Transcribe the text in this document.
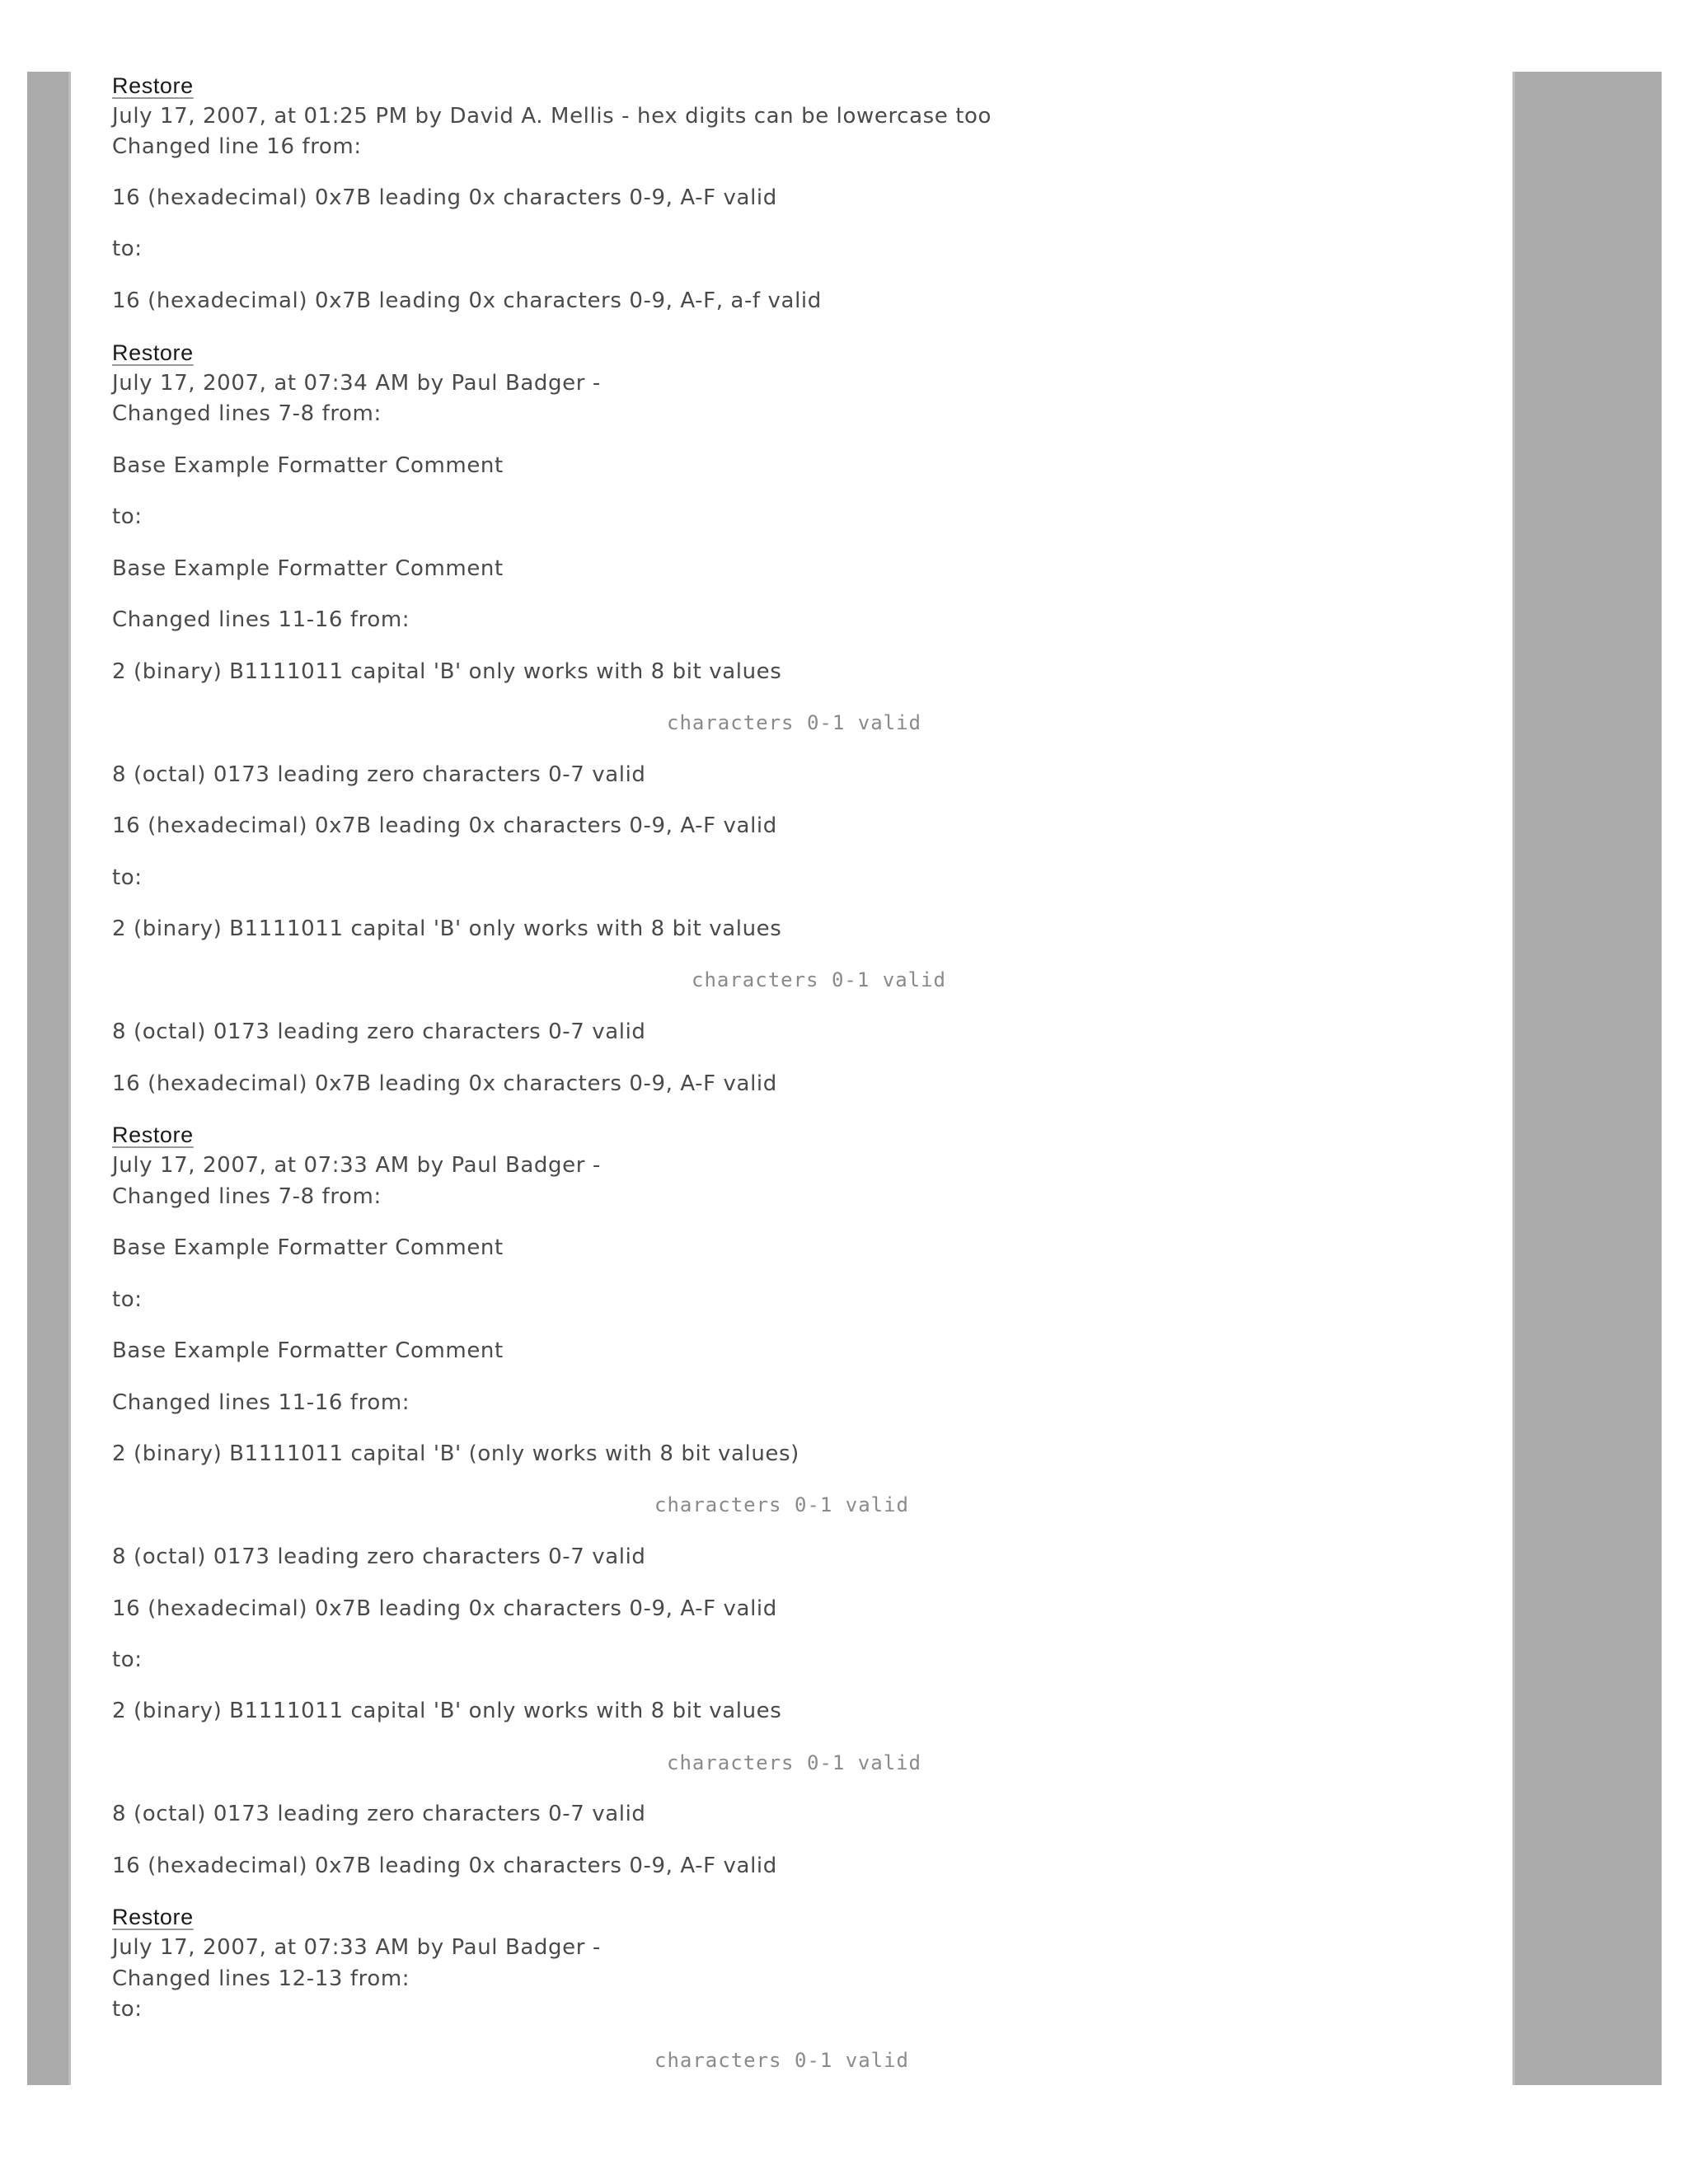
Restore
July 17, 2007, at 01:25 PM by David A. Mellis - hex digits can be lowercase too
Changed line 16 from:
16 (hexadecimal) 0x7B leading 0x characters 0-9, A-F valid
to:
16 (hexadecimal) 0x7B leading 0x characters 0-9, A-F, a-f valid
Restore
July 17, 2007, at 07:34 AM by Paul Badger -
Changed lines 7-8 from:
Base Example Formatter Comment
to:
Base Example Formatter Comment
Changed lines 11-16 from:
2 (binary) B1111011 capital 'B' only works with 8 bit values
characters 0-1 valid
8 (octal) 0173 leading zero characters 0-7 valid
16 (hexadecimal) 0x7B leading 0x characters 0-9, A-F valid
to:
2 (binary) B1111011 capital 'B' only works with 8 bit values
characters 0-1 valid
8 (octal) 0173 leading zero characters 0-7 valid
16 (hexadecimal) 0x7B leading 0x characters 0-9, A-F valid
Restore
July 17, 2007, at 07:33 AM by Paul Badger -
Changed lines 7-8 from:
Base Example Formatter Comment
to:
Base Example Formatter Comment
Changed lines 11-16 from:
2 (binary) B1111011 capital 'B' (only works with 8 bit values)
characters 0-1 valid
8 (octal) 0173 leading zero characters 0-7 valid
16 (hexadecimal) 0x7B leading 0x characters 0-9, A-F valid
to:
2 (binary) B1111011 capital 'B' only works with 8 bit values
characters 0-1 valid
8 (octal) 0173 leading zero characters 0-7 valid
16 (hexadecimal) 0x7B leading 0x characters 0-9, A-F valid
Restore
July 17, 2007, at 07:33 AM by Paul Badger -
Changed lines 12-13 from:
to:
characters 0-1 valid
